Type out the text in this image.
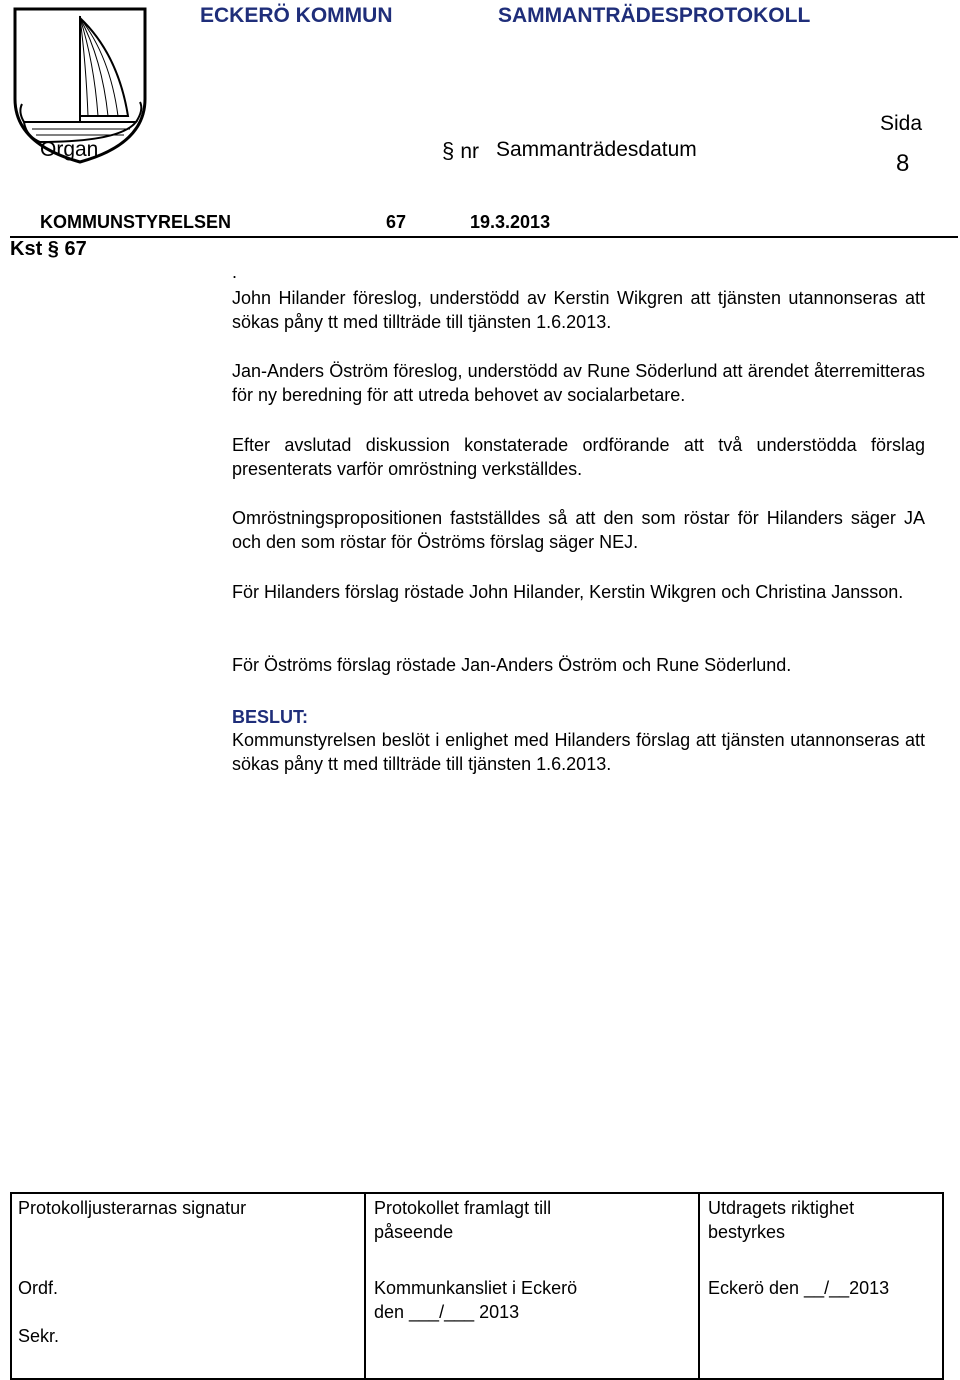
ECKERÖ KOMMUN	SAMMANTRÄDESPROTOKOLL
Sida
8
Organ	§ nr Sammanträdesdatum
KOMMUNSTYRELSEN	67	19.3.2013
Kst § 67
.

John Hilander föreslog, understödd av Kerstin Wikgren att tjänsten utannonseras att sökas påny tt med tillträde till tjänsten 1.6.2013.

Jan-Anders Öström föreslog, understödd av Rune Söderlund att ärendet återremitteras för ny beredning för att utreda behovet av socialarbetare.

Efter avslutad diskussion konstaterade ordförande att två understödda förslag presenterats varför omröstning verkställdes.

Omröstningspropositionen fastställdes så att den som röstar för Hilanders säger JA och den som röstar för Öströms förslag säger NEJ.

För Hilanders förslag röstade John Hilander, Kerstin Wikgren och Christina Jansson.

För Öströms förslag röstade Jan-Anders Öström och Rune Söderlund.

BESLUT:

Kommunstyrelsen beslöt i enlighet med Hilanders förslag att tjänsten utannonseras att sökas påny tt med tillträde till tjänsten 1.6.2013.

Protokolljusterarnas signatur
Ordf.
Sekr.
Protokollet framlagt till
påseende
Kommunkansliet i Eckerö
den ___/___ 2013
Utdragets riktighet
bestyrkes
Eckerö den __/__2013
